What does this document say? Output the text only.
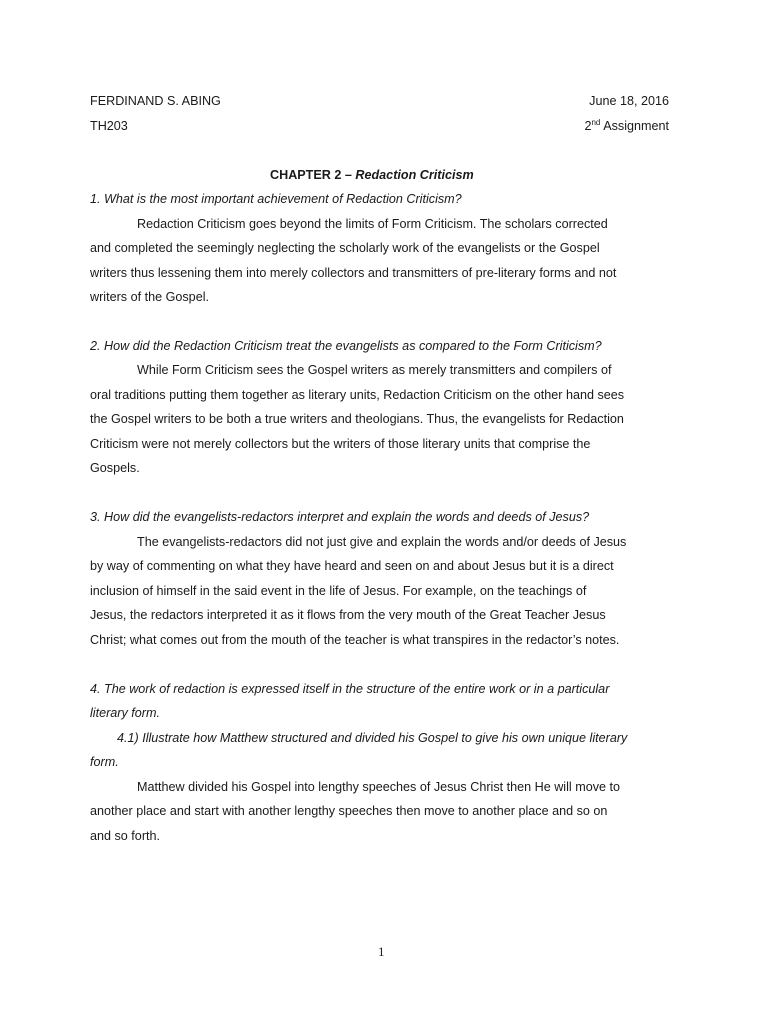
FERDINAND S. ABING	June 18, 2016
TH203	2nd Assignment
CHAPTER 2 – Redaction Criticism
1. What is the most important achievement of Redaction Criticism?
Redaction Criticism goes beyond the limits of Form Criticism. The scholars corrected
and completed the seemingly neglecting the scholarly work of the evangelists or the Gospel
writers thus lessening them into merely collectors and transmitters of pre-literary forms and not
writers of the Gospel.
2. How did the Redaction Criticism treat the evangelists as compared to the Form Criticism?
While Form Criticism sees the Gospel writers as merely transmitters and compilers of
oral traditions putting them together as literary units, Redaction Criticism on the other hand sees
the Gospel writers to be both a true writers and theologians. Thus, the evangelists for Redaction
Criticism were not merely collectors but the writers of those literary units that comprise the
Gospels.
3. How did the evangelists-redactors interpret and explain the words and deeds of Jesus?
The evangelists-redactors did not just give and explain the words and/or deeds of Jesus
by way of commenting on what they have heard and seen on and about Jesus but it is a direct
inclusion of himself in the said event in the life of Jesus. For example, on the teachings of
Jesus, the redactors interpreted it as it flows from the very mouth of the Great Teacher Jesus
Christ; what comes out from the mouth of the teacher is what transpires in the redactor’s notes.
4. The work of redaction is expressed itself in the structure of the entire work or in a particular
literary form.
4.1) Illustrate how Matthew structured and divided his Gospel to give his own unique literary
form.
Matthew divided his Gospel into lengthy speeches of Jesus Christ then He will move to
another place and start with another lengthy speeches then move to another place and so on
and so forth.
1
